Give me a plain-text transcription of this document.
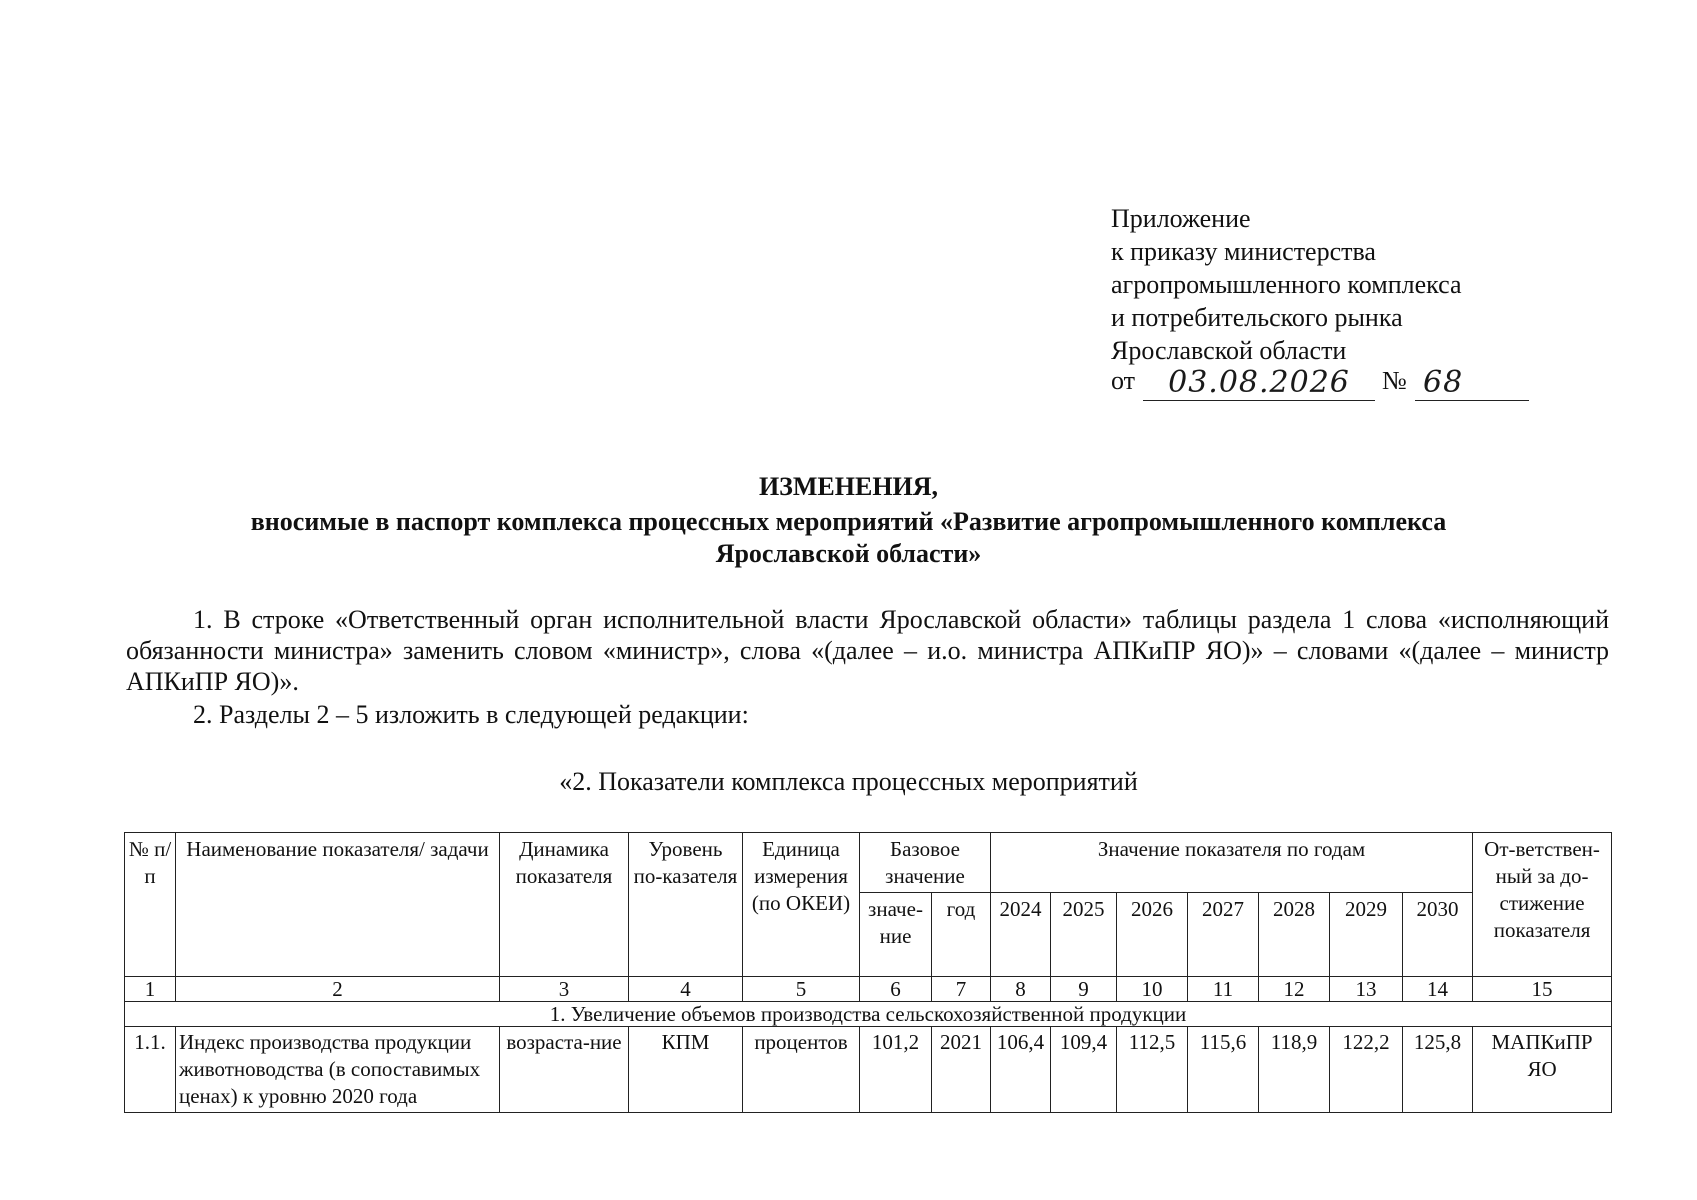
Приложение
к приказу министерства
агропромышленного комплекса
и потребительского рынка
Ярославской области
от	03.08.2026	№ 68
ИЗМЕНЕНИЯ,
вносимые в паспорт комплекса процессных мероприятий «Развитие агропромышленного комплекса
Ярославской области»
1. В строке «Ответственный орган исполнительной власти Ярославской области» таблицы раздела 1 слова «исполняющий обязанности министра» заменить словом «министр», слова «(далее – и.о. министра АПКиПР ЯО)» – словами «(далее – министр АПКиПР ЯО)».
2. Разделы 2 – 5 изложить в следующей редакции:
«2. Показатели комплекса процессных мероприятий
№ п/п	Наименование показателя/ задачи	Динамика показателя	Уровень по-казателя	Единица измерения (по ОКЕИ)	Базовое значение		Значение показателя по годам							От-ветствен-ный за до-стижение показателя
					значе-ние	год	2024	2025	2026	2027	2028	2029	2030	
1	2	3	4	5	6	7	8	9	10	11	12	13	14	15
1. Увеличение объемов производства сельскохозяйственной продукции														
1.1.	Индекс производства продукции животноводства (в сопоставимых ценах) к уровню 2020 года	возраста-ние	КПМ	процентов	101,2	2021	106,4	109,4	112,5	115,6	118,9	122,2	125,8	МАПКиПР ЯО
